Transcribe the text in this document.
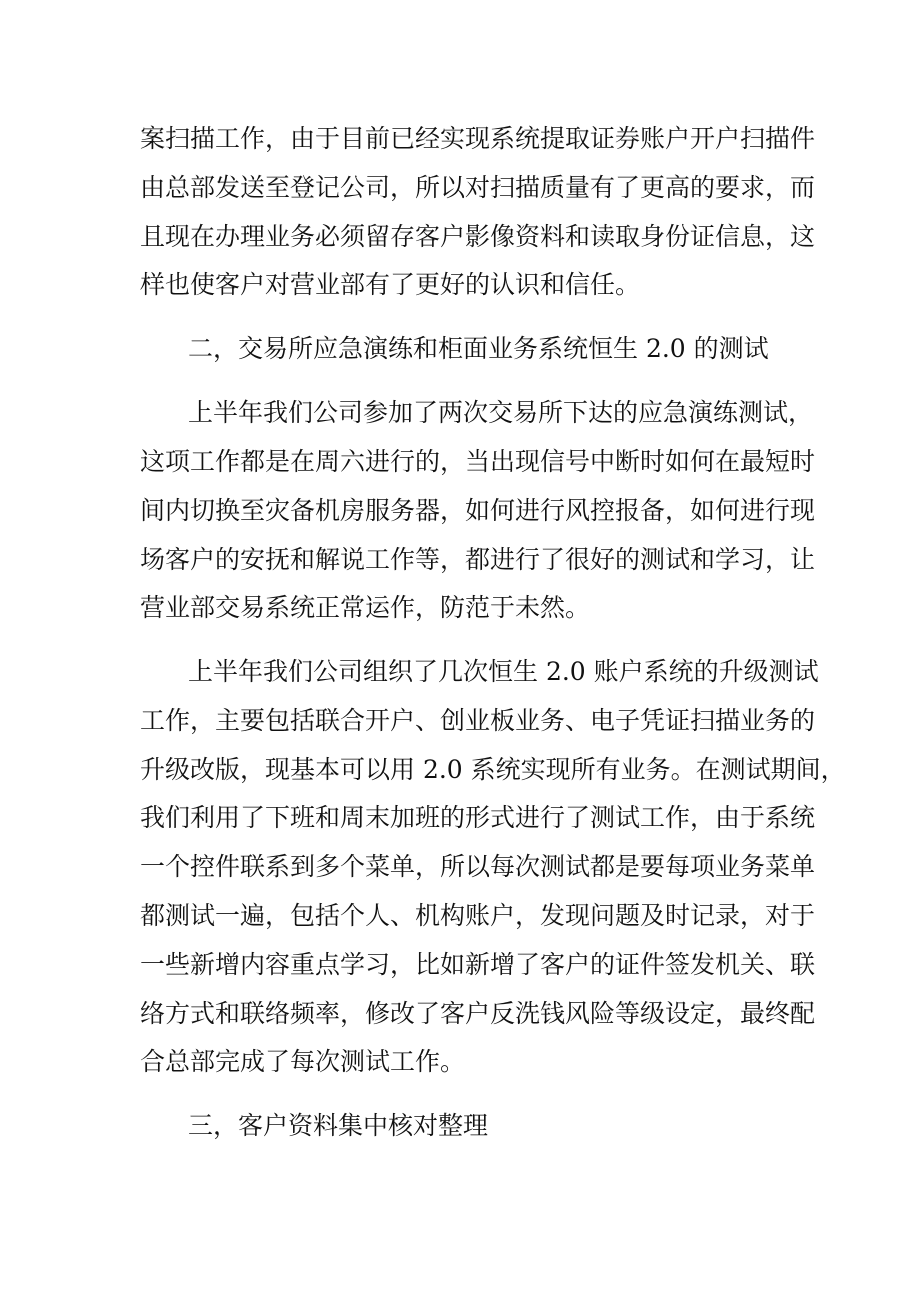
案扫描工作，由于目前已经实现系统提取证券账户开户扫描件

由总部发送至登记公司，所以对扫描质量有了更高的要求，而

且现在办理业务必须留存客户影像资料和读取身份证信息，这

样也使客户对营业部有了更好的认识和信任。

二，交易所应急演练和柜面业务系统恒生 2.0 的测试

上半年我们公司参加了两次交易所下达的应急演练测试，

这项工作都是在周六进行的，当出现信号中断时如何在最短时

间内切换至灾备机房服务器，如何进行风控报备，如何进行现

场客户的安抚和解说工作等，都进行了很好的测试和学习，让

营业部交易系统正常运作，防范于未然。

上半年我们公司组织了几次恒生 2.0 账户系统的升级测试

工作，主要包括联合开户、创业板业务、电子凭证扫描业务的

升级改版，现基本可以用 2.0 系统实现所有业务。在测试期间，

我们利用了下班和周末加班的形式进行了测试工作，由于系统

一个控件联系到多个菜单，所以每次测试都是要每项业务菜单

都测试一遍，包括个人、机构账户，发现问题及时记录，对于

一些新增内容重点学习，比如新增了客户的证件签发机关、联

络方式和联络频率，修改了客户反洗钱风险等级设定，最终配

合总部完成了每次测试工作。

三，客户资料集中核对整理
